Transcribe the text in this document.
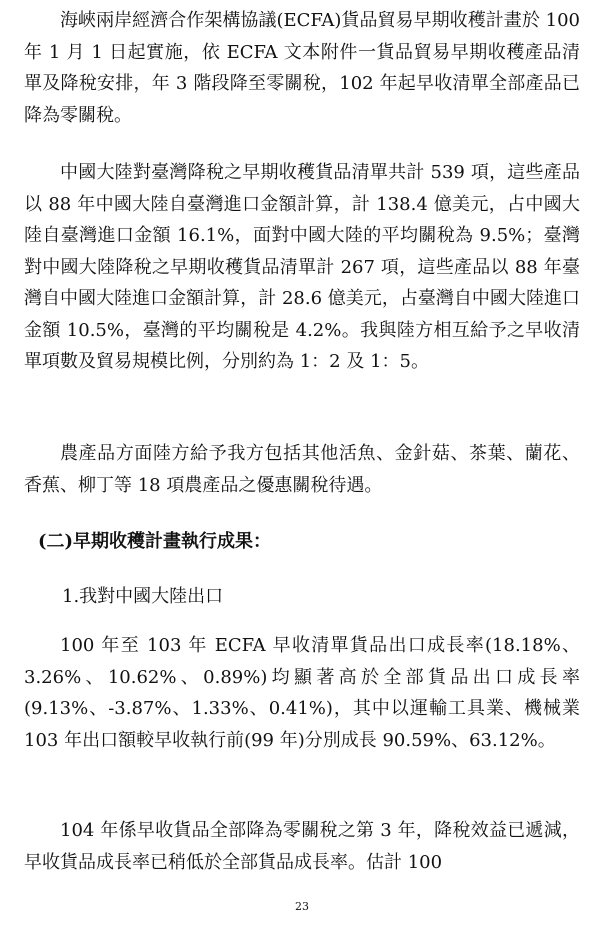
海峽兩岸經濟合作架構協議(ECFA)貨品貿易早期收穫計畫於 100 年 1 月 1 日起實施，依 ECFA 文本附件一貨品貿易早期收穫產品清單及降稅安排，年 3 階段降至零關稅，102 年起早收清單全部產品已降為零關稅。

中國大陸對臺灣降稅之早期收穫貨品清單共計 539 項，這些產品以 88 年中國大陸自臺灣進口金額計算，計 138.4 億美元，占中國大陸自臺灣進口金額 16.1%，面對中國大陸的平均關稅為 9.5%；臺灣對中國大陸降稅之早期收穫貨品清單計 267 項，這些產品以 88 年臺灣自中國大陸進口金額計算，計 28.6 億美元，占臺灣自中國大陸進口金額 10.5%，臺灣的平均關稅是 4.2%。我與陸方相互給予之早收清單項數及貿易規模比例，分別約為 1：2 及 1：5。

農產品方面陸方給予我方包括其他活魚、金針菇、茶葉、蘭花、香蕉、柳丁等 18 項農產品之優惠關稅待遇。

(二)早期收穫計畫執行成果：

1.我對中國大陸出口

100 年至 103 年 ECFA 早收清單貨品出口成長率(18.18%、3.26%、10.62%、0.89%)均顯著高於全部貨品出口成長率(9.13%、-3.87%、1.33%、0.41%)，其中以運輸工具業、機械業 103 年出口額較早收執行前(99 年)分別成長 90.59%、63.12%。

104 年係早收貨品全部降為零關稅之第 3 年，降稅效益已遞減，早收貨品成長率已稍低於全部貨品成長率。估計 100

23
